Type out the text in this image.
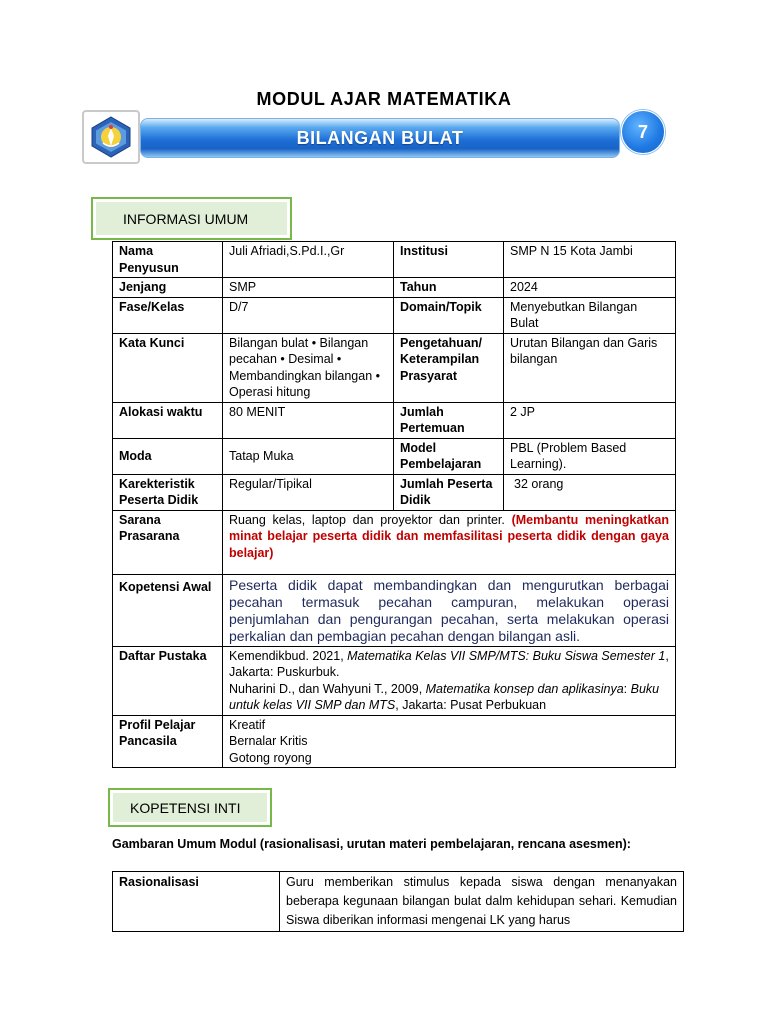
MODUL AJAR MATEMATIKA
BILANGAN BULAT	7
INFORMASI UMUM
Nama Penyusun	Juli Afriadi,S.Pd.I.,Gr	Institusi	SMP N 15 Kota Jambi
Jenjang	SMP	Tahun	2024
Fase/Kelas	D/7	Domain/Topik	Menyebutkan Bilangan Bulat
Kata Kunci	Bilangan bulat • Bilangan pecahan • Desimal • Membandingkan bilangan • Operasi hitung	Pengetahuan/ Keterampilan Prasyarat	Urutan Bilangan dan Garis bilangan
Alokasi waktu	80 MENIT	Jumlah Pertemuan	2 JP
Moda	Tatap Muka	Model Pembelajaran	PBL (Problem Based Learning).
Karekteristik Peserta Didik	Regular/Tipikal	Jumlah Peserta Didik	32 orang
Sarana Prasarana	Ruang kelas, laptop dan proyektor dan printer. (Membantu meningkatkan minat belajar peserta didik dan memfasilitasi peserta didik dengan gaya belajar)		
Kopetensi Awal	Peserta didik dapat membandingkan dan mengurutkan berbagai pecahan termasuk pecahan campuran, melakukan operasi penjumlahan dan pengurangan pecahan, serta melakukan operasi perkalian dan pembagian pecahan dengan bilangan asli.		
Daftar Pustaka	Kemendikbud. 2021, Matematika Kelas VII SMP/MTS: Buku Siswa Semester 1, Jakarta: Puskurbuk.
Nuharini D., dan Wahyuni T., 2009, Matematika konsep dan aplikasinya: Buku untuk kelas VII SMP dan MTS, Jakarta: Pusat Perbukuan		

Profil Pelajar Pancasila	Kreatif
Bernalar Kritis
Gotong royong		
KOPETENSI INTI
Gambaran Umum Modul (rasionalisasi, urutan materi pembelajaran, rencana asesmen):
Rasionalisasi	Guru memberikan stimulus kepada siswa dengan menanyakan beberapa kegunaan bilangan bulat dalm kehidupan sehari. Kemudian Siswa diberikan informasi mengenai LK yang harus
